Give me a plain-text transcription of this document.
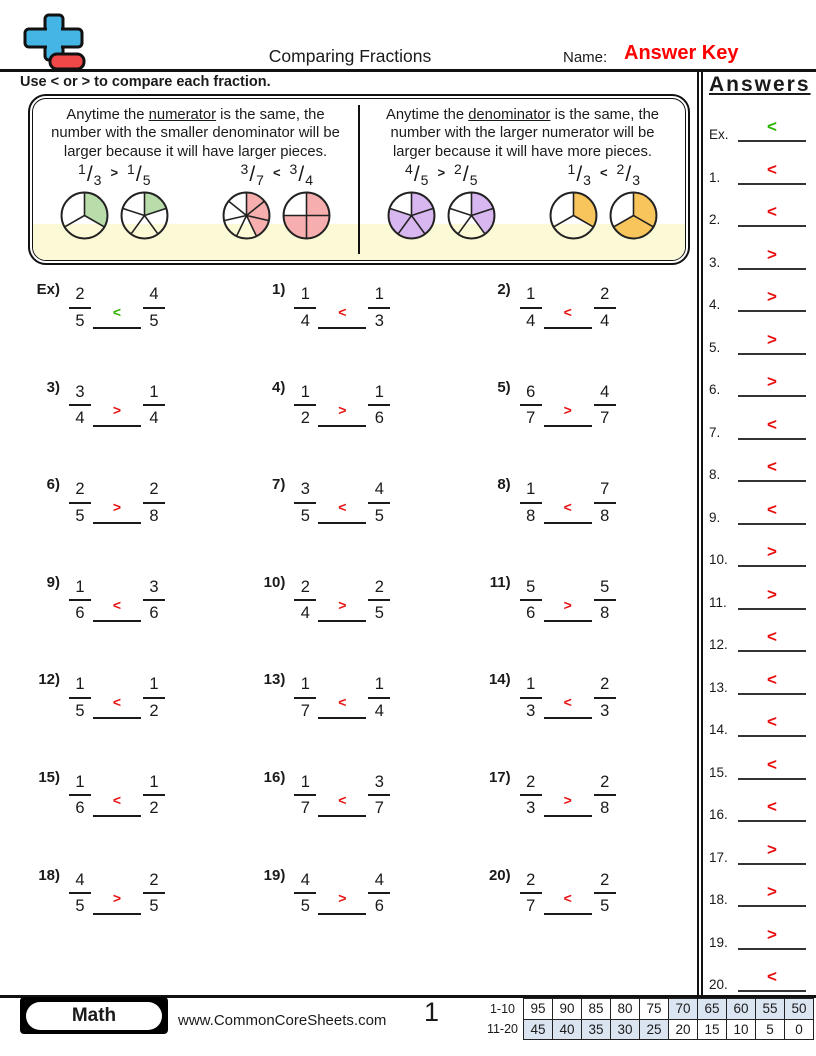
Comparing Fractions	Name: Answer Key
Use < or > to compare each fraction.

Anytime the numerator is the same, the number with the smaller denominator will be larger because it will have larger pieces.

1 / 3 > 1 / 5
3 / 7 < 3 / 4

Anytime the denominator is the same, the number with the larger numerator will be larger because it will have more pieces.

4 / 5 > 2 / 5
1 / 3 < 2 / 3
$Ex) \frac{2}{5}$	<	$\frac{4}{5}$	$1) \frac{1}{4}$	<	$\frac{1}{3}$	$2) \frac{1}{4}$	<	$\frac{2}{4}$
$3) \frac{3}{4}$	>	$\frac{1}{4}$	$4) \frac{1}{2}$	>	$\frac{1}{6}$	$5) \frac{6}{7}$	>	$\frac{4}{7}$
$6) \frac{2}{5}$	>	$\frac{2}{8}$	$7) \frac{3}{5}$	<	$\frac{4}{5}$	$8) \frac{1}{8}$	<	$\frac{7}{8}$
$9) \frac{1}{6}$	<	$\frac{3}{6}$	$10) \frac{2}{4}$	>	$\frac{2}{5}$	$11) \frac{5}{6}$	>	$\frac{5}{8}$
$12) \frac{1}{5}$	<	$\frac{1}{2}$	$13) \frac{1}{7}$	<	$\frac{1}{4}$	$14) \frac{1}{3}$	<	$\frac{2}{3}$
$15) \frac{1}{6}$	<	$\frac{1}{2}$	$16) \frac{1}{7}$	<	$\frac{3}{7}$	$17) \frac{2}{3}$	>	$\frac{2}{8}$
$18) \frac{4}{5}$	>	$\frac{2}{5}$	$19) \frac{4}{5}$	>	$\frac{4}{6}$	$20) \frac{2}{7}$	<	$\frac{2}{5}$
Answers
Ex.	<
1.	<
2.	<
3.	>
4.	>
5.	>
6.	>
7.	<
8.	<
9.	<
10.	>
11.	>
12.	<
13.	<
14.	<
15.	<
16.	<
17.	>
18.	>
19.	>
20.	<
Math	www.CommonCoreSheets.com 1	1-10	95	90	85	80	75	70	65	60	55	50
11-20	45	40	35	30	25	20	15	10	5	0
